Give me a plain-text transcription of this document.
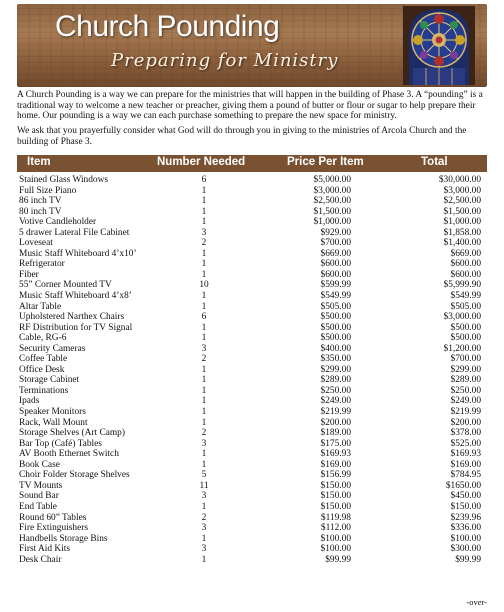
Church Pounding
Preparing for Ministry
A Church Pounding is a way we can prepare for the ministries that will happen in the building of Phase 3. A “pounding” is a traditional way to welcome a new teacher or preacher, giving them a pound of butter or flour or sugar to help prepare their home. Our pounding is a way we can each purchase something to prepare the new space for ministry.
We ask that you prayerfully consider what God will do through you in giving to the ministries of Arcola Church and the building of Phase 3.
Item	Number Needed	Price Per Item	Total
Stained Glass Windows	6	$5,000.00	$30,000.00
Full Size Piano	1	$3,000.00	$3,000.00
86 inch TV	1	$2,500.00	$2,500.00
80 inch TV	1	$1,500.00	$1,500.00
Votive Candleholder	1	$1,000.00	$1,000.00
5 drawer Lateral File Cabinet	3	$929.00	$1,858.00
Loveseat	2	$700.00	$1,400.00
Music Staff Whiteboard 4’x10’	1	$669.00	$669.00
Refrigerator	1	$600.00	$600.00
Fiber	1	$600.00	$600.00
55” Corner Mounted TV	10	$599.99	$5,999.90
Music Staff Whiteboard 4’x8’	1	$549.99	$549.99
Altar Table	1	$505.00	$505.00
Upholstered Narthex Chairs	6	$500.00	$3,000.00
RF Distribution for TV Signal	1	$500.00	$500.00
Cable, RG-6	1	$500.00	$500.00
Security Cameras	3	$400.00	$1,200.00
Coffee Table	2	$350.00	$700.00
Office Desk	1	$299.00	$299.00
Storage Cabinet	1	$289.00	$289.00
Terminations	1	$250.00	$250.00
Ipads	1	$249.00	$249.00
Speaker Monitors	1	$219.99	$219.99
Rack, Wall Mount	1	$200.00	$200.00
Storage Shelves (Art Camp)	2	$189.00	$378.00
Bar Top (Café) Tables	3	$175.00	$525.00
AV Booth Ethernet Switch	1	$169.93	$169.93
Book Case	1	$169.00	$169.00
Choir Folder Storage Shelves	5	$156.99	$784.95
TV Mounts	11	$150.00	$1650.00
Sound Bar	3	$150.00	$450.00
End Table	1	$150.00	$150.00
Round 60” Tables	2	$119.98	$239.96
Fire Extinguishers	3	$112.00	$336.00
Handbells Storage Bins	1	$100.00	$100.00
First Aid Kits	3	$100.00	$300.00
Desk Chair	1	$99.99	$99.99
-over-
